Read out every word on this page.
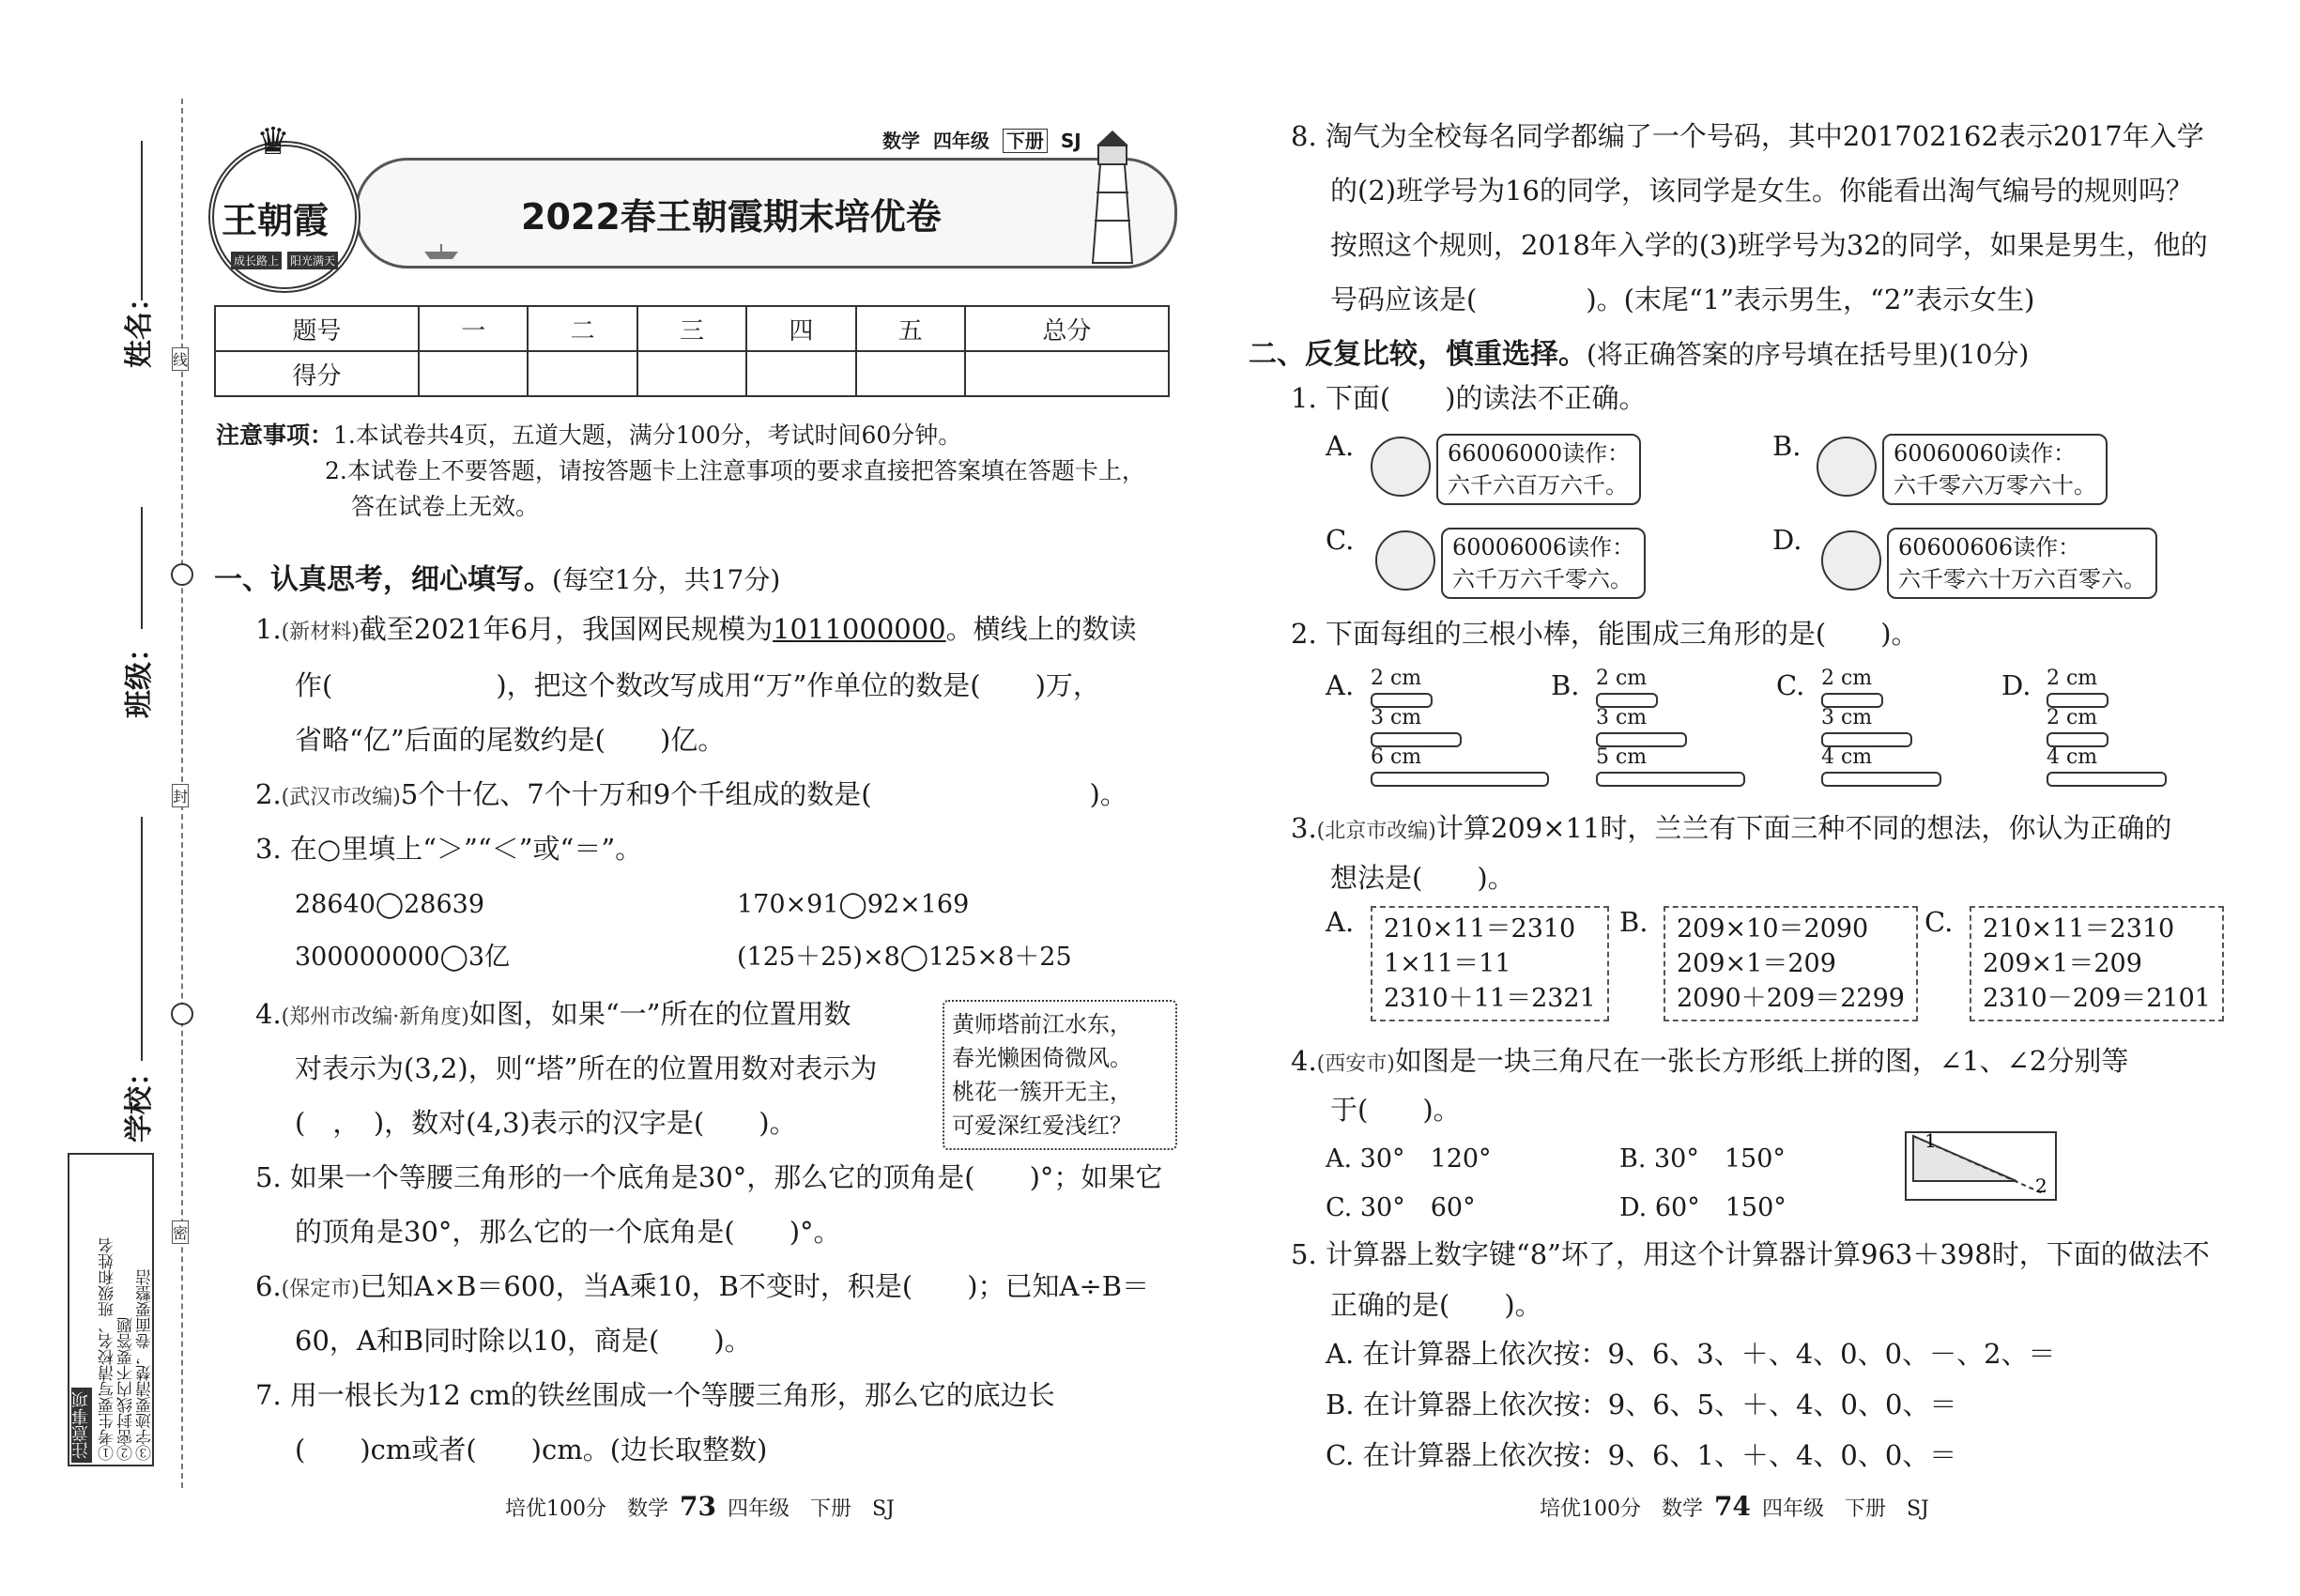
姓名：
班级：
学校：
线
封
密
注意事项 ①考生要写清校名、班级和姓名 ②密封线内不要答题 ③字迹要清楚，卷面要整洁
♛
王朝霞
成长路上 阳光满天
数学 四年级 下册 SJ
2022春王朝霞期末培优卷
题号	一	二	三	四	五	总分
得分						
注意事项：1.本试卷共4页，五道大题，满分100分，考试时间60分钟。
2.本试卷上不要答题，请按答题卡上注意事项的要求直接把答案填在答题卡上，
答在试卷上无效。
一、认真思考，细心填写。(每空1分，共17分)
1.(新材料)截至2021年6月，我国网民规模为1011000000。横线上的数读
作(　　　　　　)，把这个数改写成用“万”作单位的数是(　　)万，
省略“亿”后面的尾数约是(　　)亿。
2.(武汉市改编)5个十亿、7个十万和9个千组成的数是(　　　　　　　　)。
3. 在○里填上“＞”“＜”或“＝”。
28640◯28639	170×91◯92×169
300000000◯3亿	(125＋25)×8◯125×8＋25
4.(郑州市改编·新角度)如图，如果“一”所在的位置用数
对表示为(3,2)，则“塔”所在的位置用数对表示为
(　，　)，数对(4,3)表示的汉字是(　　)。
黄师塔前江水东，
春光懒困倚微风。
桃花一簇开无主，
可爱深红爱浅红？
5. 如果一个等腰三角形的一个底角是30°，那么它的顶角是(　　)°；如果它
的顶角是30°，那么它的一个底角是(　　)°。
6.(保定市)已知A×B＝600，当A乘10，B不变时，积是(　　)；已知A÷B＝
60，A和B同时除以10，商是(　　)。
7. 用一根长为12 cm的铁丝围成一个等腰三角形，那么它的底边长
(　　)cm或者(　　)cm。(边长取整数)
8. 淘气为全校每名同学都编了一个号码，其中201702162表示2017年入学
的(2)班学号为16的同学，该同学是女生。你能看出淘气编号的规则吗？
按照这个规则，2018年入学的(3)班学号为32的同学，如果是男生，他的
号码应该是(　　　　)。(末尾“1”表示男生，“2”表示女生)
二、反复比较，慎重选择。(将正确答案的序号填在括号里)(10分)
1. 下面(　　)的读法不正确。
A.	66006000读作：
六千六百万六千。
B.	60060060读作：
六千零六万零六十。
C.	60006006读作：
六千万六千零六。
D.	60600606读作：
六千零六十万六百零六。
2. 下面每组的三根小棒，能围成三角形的是(　　)。
A. 2 cm
3 cm
6 cm
B. 2 cm
3 cm
5 cm
C. 2 cm
3 cm
4 cm
D. 2 cm
2 cm
4 cm
3.(北京市改编)计算209×11时，兰兰有下面三种不同的想法，你认为正确的
想法是(　　)。
A. 210×11＝2310
1×11＝11
2310＋11＝2321
B. 209×10＝2090
209×1＝209
2090＋209＝2299
C. 210×11＝2310
209×1＝209
2310－209＝2101
4.(西安市)如图是一块三角尺在一张长方形纸上拼的图，∠1、∠2分别等
于(　　)。
A. 30°　120°	B. 30°　150°
C. 30°　60°	D. 60°　150°
1
2
5. 计算器上数字键“8”坏了，用这个计算器计算963＋398时，下面的做法不
正确的是(　　)。
A. 在计算器上依次按：9、6、3、＋、4、0、0、－、2、＝
B. 在计算器上依次按：9、6、5、＋、4、0、0、＝
C. 在计算器上依次按：9、6、1、＋、4、0、0、＝
培优100分　数学 73 四年级　下册　SJ	培优100分　数学 74 四年级　下册　SJ
